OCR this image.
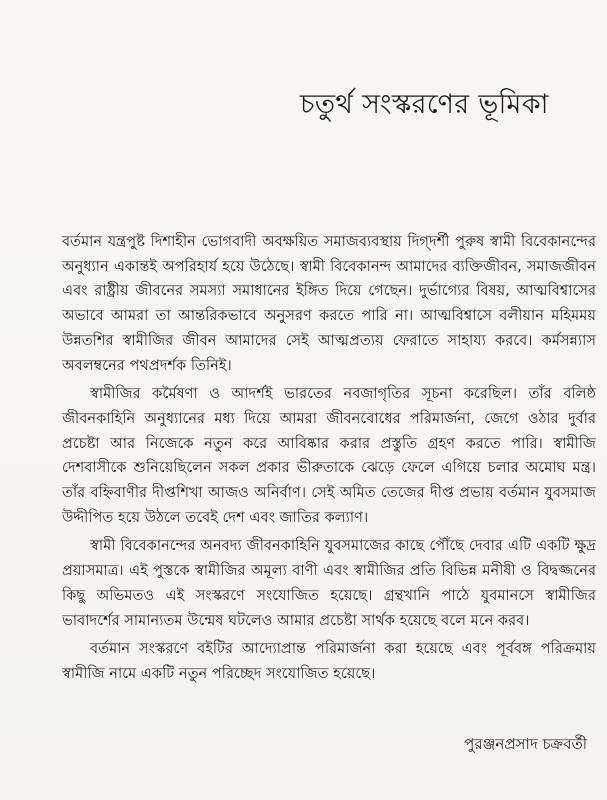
চতুর্থ সংস্করণের ভূমিকা

বর্তমান যন্ত্রপুষ্ট দিশাহীন ভোগবাদী অবক্ষয়িত সমাজব্যবস্থায় দিগ্‌দর্শী পুরুষ স্বামী বিবেকানন্দের অনুধ্যান একান্তই অপরিহার্য হয়ে উঠেছে। স্বামী বিবেকানন্দ আমাদের ব্যক্তিজীবন, সমাজজীবন এবং রাষ্ট্রীয় জীবনের সমস্যা সমাধানের ইঙ্গিত দিয়ে গেছেন। দুর্ভাগ্যের বিষয়, আত্মবিশ্বাসের অভাবে আমরা তা আন্তরিকভাবে অনুসরণ করতে পারি না। আত্মবিশ্বাসে বলীয়ান মহিমময় উন্নতশির স্বামীজির জীবন আমাদের সেই আত্মপ্রত্যয় ফেরাতে সাহায্য করবে। কর্মসন্ন্যাস অবলম্বনের পথপ্রদর্শক তিনিই।

স্বামীজির কর্মৈষণা ও আদর্শই ভারতের নবজাগৃতির সূচনা করেছিল। তাঁর বলিষ্ঠ জীবনকাহিনি অনুধ্যানের মধ্য দিয়ে আমরা জীবনবোধের পরিমার্জনা, জেগে ওঠার দুর্বার প্রচেষ্টা আর নিজেকে নতুন করে আবিষ্কার করার প্রস্তুতি গ্রহণ করতে পারি। স্বামীজি দেশবাসীকে শুনিয়েছিলেন সকল প্রকার ভীরুতাকে ঝেড়ে ফেলে এগিয়ে চলার অমোঘ মন্ত্র। তাঁর বহ্নিবাণীর দীপ্তশিখা আজও অনির্বাণ। সেই অমিত তেজের দীপ্ত প্রভায় বর্তমান যুবসমাজ উদ্দীপিত হয়ে উঠলে তবেই দেশ এবং জাতির কল্যাণ।

স্বামী বিবেকানন্দের অনবদ্য জীবনকাহিনি যুবসমাজের কাছে পৌঁছে দেবার এটি একটি ক্ষুদ্র প্রয়াসমাত্র। এই পুস্তকে স্বামীজির অমূল্য বাণী এবং স্বামীজির প্রতি বিভিন্ন মনীষী ও বিদ্বজ্জনের কিছু অভিমতও এই সংস্করণে সংযোজিত হয়েছে। গ্রন্থখানি পাঠে যুবমানসে স্বামীজির ভাবাদর্শের সামান্যতম উন্মেষ ঘটলেও আমার প্রচেষ্টা সার্থক হয়েছে বলে মনে করব।

বর্তমান সংস্করণে বইটির আদ্যোপ্রান্ত পরিমার্জনা করা হয়েছে এবং পূর্ববঙ্গ পরিক্রমায় স্বামীজি নামে একটি নতুন পরিচ্ছেদ সংযোজিত হয়েছে।

পুরঞ্জনপ্রসাদ চক্রবর্তী
